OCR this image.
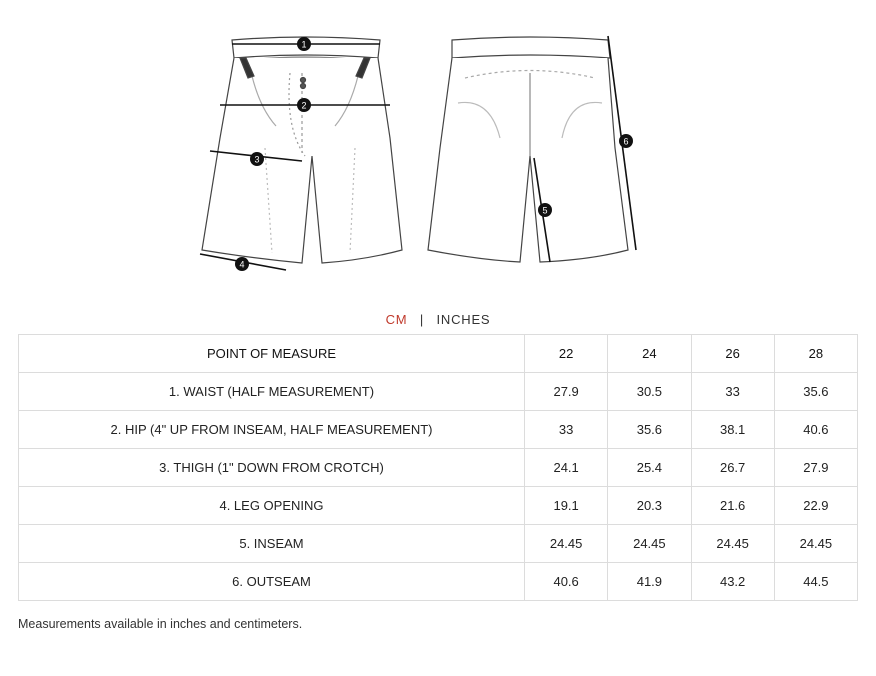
1
2
3
4
5
6
CM | INCHES
POINT OF MEASURE	22	24	26	28
1. WAIST (HALF MEASUREMENT)	27.9	30.5	33	35.6
2. HIP (4" UP FROM INSEAM, HALF MEASUREMENT)	33	35.6	38.1	40.6
3. THIGH (1" DOWN FROM CROTCH)	24.1	25.4	26.7	27.9
4. LEG OPENING	19.1	20.3	21.6	22.9
5. INSEAM	24.45	24.45	24.45	24.45
6. OUTSEAM	40.6	41.9	43.2	44.5
Measurements available in inches and centimeters.
